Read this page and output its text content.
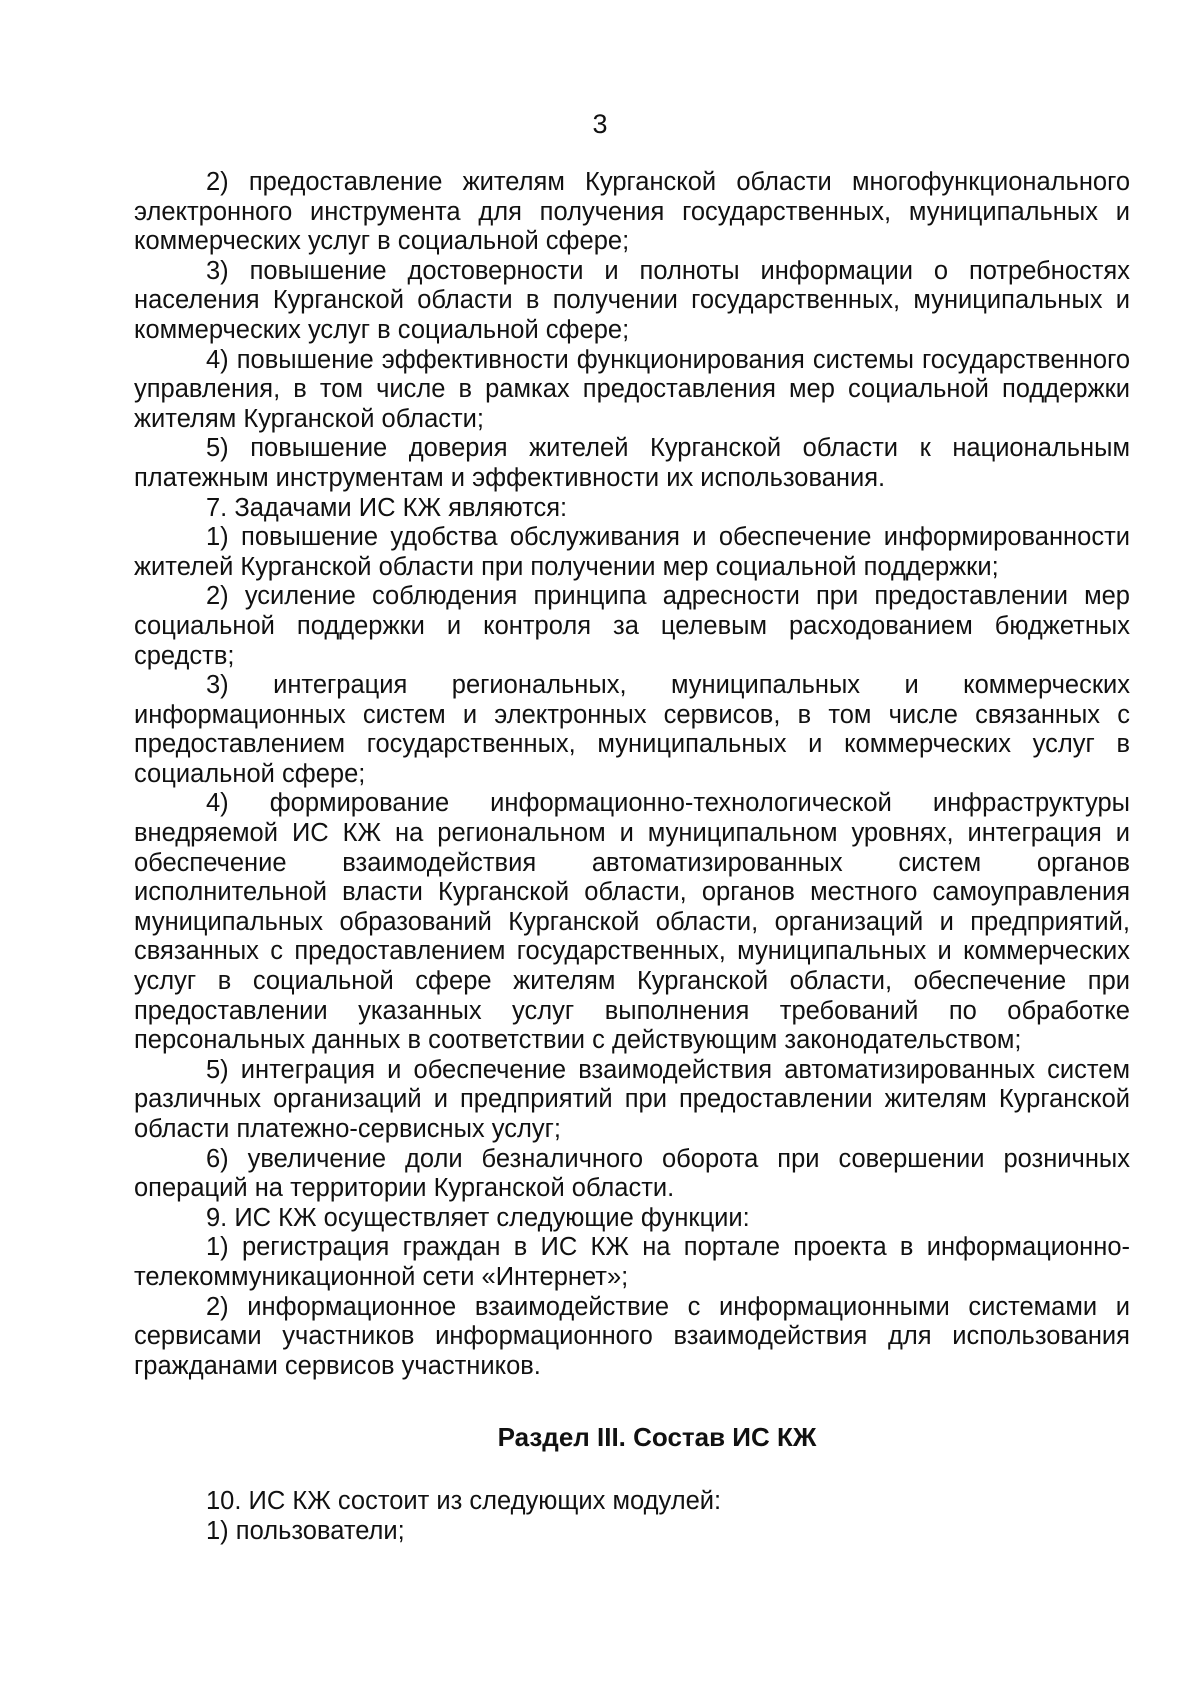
3

2) предоставление жителям Курганской области многофункционального электронного инструмента для получения государственных, муниципальных и коммерческих услуг в социальной сфере;

3) повышение достоверности и полноты информации о потребностях населения Курганской области в получении государственных, муниципальных и коммерческих услуг в социальной сфере;

4) повышение эффективности функционирования системы государственного управления, в том числе в рамках предоставления мер социальной поддержки жителям Курганской области;

5) повышение доверия жителей Курганской области к национальным платежным инструментам и эффективности их использования.

7. Задачами ИС КЖ являются:

1) повышение удобства обслуживания и обеспечение информированности жителей Курганской области при получении мер социальной поддержки;

2) усиление соблюдения принципа адресности при предоставлении мер социальной поддержки и контроля за целевым расходованием бюджетных средств;

3) интеграция региональных, муниципальных и коммерческих информационных систем и электронных сервисов, в том числе связанных с предоставлением государственных, муниципальных и коммерческих услуг в социальной сфере;

4) формирование информационно-технологической инфраструктуры внедряемой ИС КЖ на региональном и муниципальном уровнях, интеграция и обеспечение взаимодействия автоматизированных систем органов исполнительной власти Курганской области, органов местного самоуправления муниципальных образований Курганской области, организаций и предприятий, связанных с предоставлением государственных, муниципальных и коммерческих услуг в социальной сфере жителям Курганской области, обеспечение при предоставлении указанных услуг выполнения требований по обработке персональных данных в соответствии с действующим законодательством;

5) интеграция и обеспечение взаимодействия автоматизированных систем различных организаций и предприятий при предоставлении жителям Курганской области платежно-сервисных услуг;

6) увеличение доли безналичного оборота при совершении розничных операций на территории Курганской области.

9. ИС КЖ осуществляет следующие функции:

1) регистрация граждан в ИС КЖ на портале проекта в информационно-телекоммуникационной сети «Интернет»;

2) информационное взаимодействие с информационными системами и сервисами участников информационного взаимодействия для использования гражданами сервисов участников.

Раздел III. Состав ИС КЖ

10. ИС КЖ состоит из следующих модулей:

1) пользователи;
